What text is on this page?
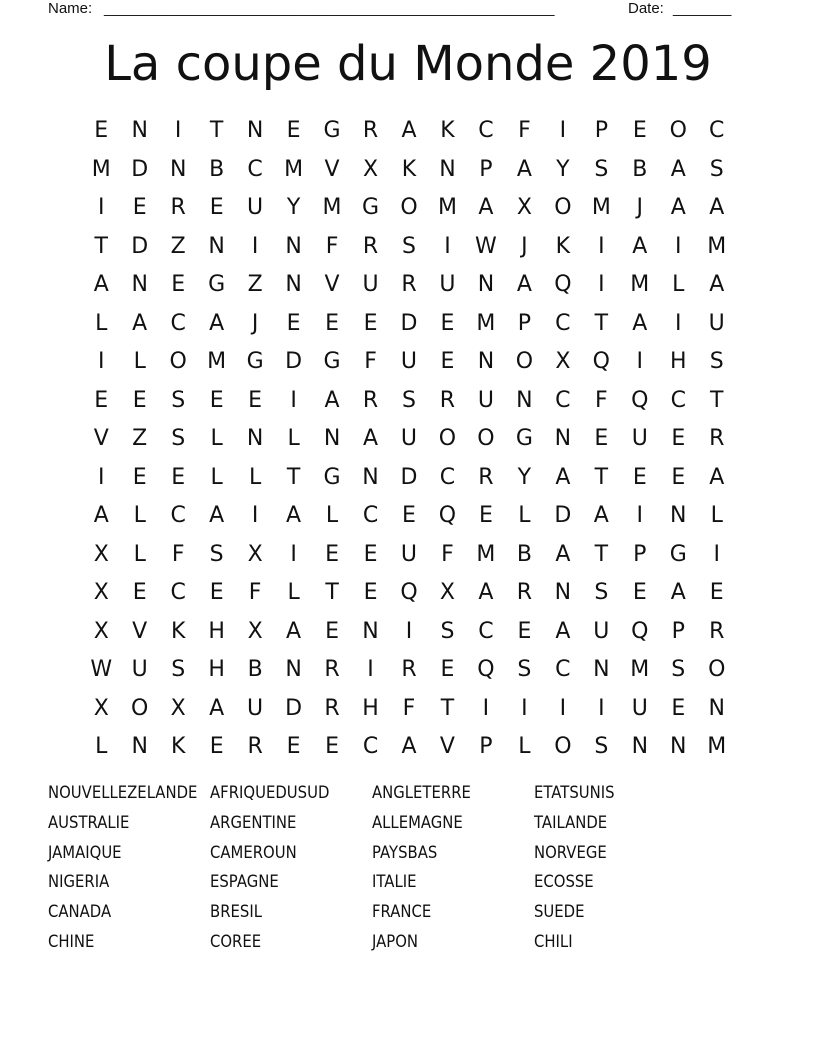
Name: ______________________________________________________	Date: _______
La coupe du Monde 2019
E	N	I	T	N	E	G	R	A	K	C	F	I	P	E	O	C
M D N	B	C M V	X	K	N	P	A	Y	S	B	A	S
I	E	R	E	U	Y	M G O M A	X	O M	J	A	A
T	D	Z	N	I	N	F	R	S	I	W	J	K	I	A	I	M
A	N	E	G	Z	N	V	U	R	U	N	A	Q	I	M	L	A
L	A	C	A	J	E	E	E	D	E	M	P	C	T	A	I	U
I	L	O M G D G	F	U	E	N O	X	Q	I	H	S
E	E	S	E	E	I	A	R	S	R	U	N	C	F	Q	C	T
V	Z	S	L	N	L	N	A	U O O G N	E	U	E	R
I	E	E	L	L	T	G N D	C	R	Y	A	T	E	E	A
A	L	C	A	I	A	L	C	E	Q	E	L	D	A	I	N	L
X	L	F	S	X	I	E	E	U	F	M B	A	T	P	G	I
X	E	C	E	F	L	T	E	Q	X	A	R	N	S	E	A	E
X	V	K	H	X	A	E	N	I	S	C	E	A	U Q	P	R
W U	S	H	B	N	R	I	R	E	Q	S	C	N M	S	O
X	O	X	A	U D	R	H	F	T	I	I	I	I	U	E	N
L	N	K	E	R	E	E	C	A	V	P	L	O	S	N	N M
NOUVELLEZELANDE AFRIQUEDUSUD	ANGLETERRE	ETATSUNIS
AUSTRALIE	ARGENTINE	ALLEMAGNE	TAILANDE
JAMAIQUE	CAMEROUN	PAYSBAS	NORVEGE
NIGERIA	ESPAGNE	ITALIE	ECOSSE
CANADA	BRESIL	FRANCE	SUEDE
CHINE	COREE	JAPON	CHILI
